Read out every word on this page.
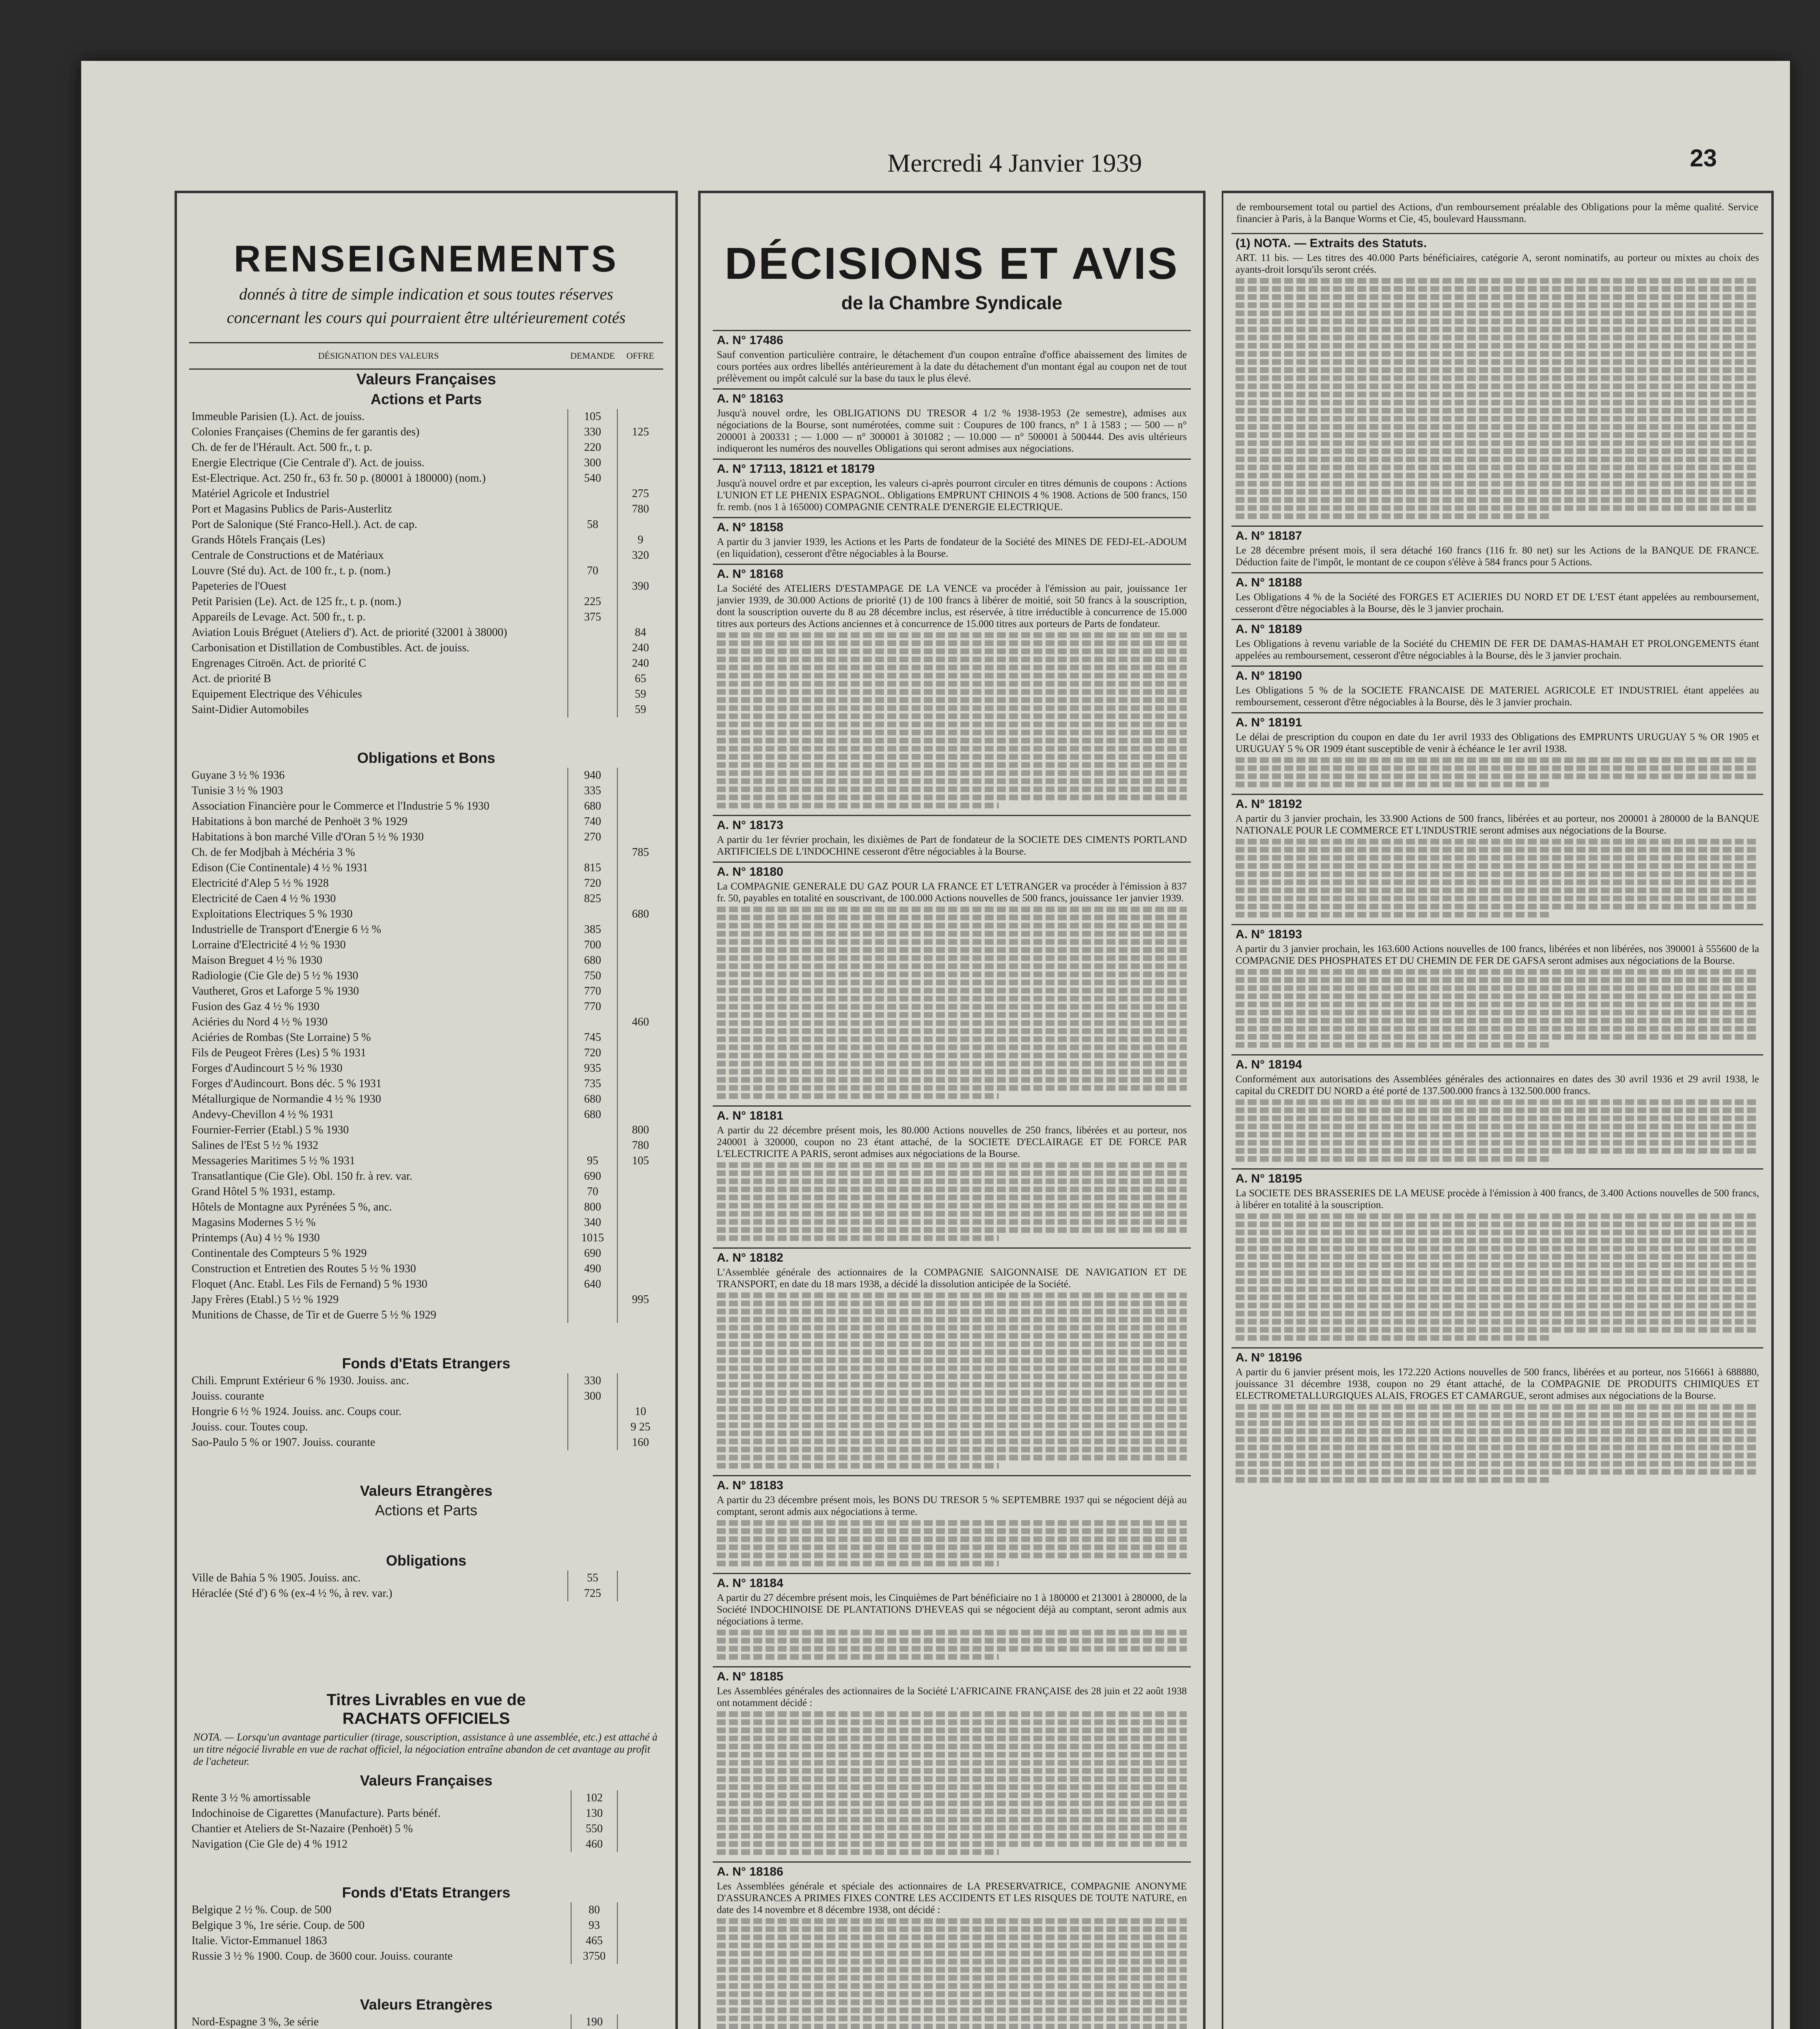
Mercredi 4 Janvier 1939	23
RENSEIGNEMENTS
donnés à titre de simple indication et sous toutes réserves
concernant les cours qui pourraient être ultérieurement cotés
DÉSIGNATION DES VALEURS	DEMANDE	OFFRE
Valeurs Françaises		
Actions et Parts		
Immeuble Parisien (L). Act. de jouiss.	105	
Colonies Françaises (Chemins de fer garantis des)	330	125
Ch. de fer de l'Hérault. Act. 500 fr., t. p.	220	
Energie Electrique (Cie Centrale d'). Act. de jouiss.	300	
Est-Electrique. Act. 250 fr., 63 fr. 50 p. (80001 à 180000) (nom.)	540	
Matériel Agricole et Industriel		275
Port et Magasins Publics de Paris-Austerlitz		780
Port de Salonique (Sté Franco-Hell.). Act. de cap.	58	
Grands Hôtels Français (Les)		9
Centrale de Constructions et de Matériaux		320
Louvre (Sté du). Act. de 100 fr., t. p. (nom.)	70	
Papeteries de l'Ouest		390
Petit Parisien (Le). Act. de 125 fr., t. p. (nom.)	225	
Appareils de Levage. Act. 500 fr., t. p.	375	
Aviation Louis Bréguet (Ateliers d'). Act. de priorité (32001 à 38000)		84
Carbonisation et Distillation de Combustibles. Act. de jouiss.		240
Engrenages Citroën. Act. de priorité C		240
Act. de priorité B		65
Equipement Electrique des Véhicules		59
Saint-Didier Automobiles		59

Obligations et Bons		
Guyane 3 ½ % 1936	940	
Tunisie 3 ½ % 1903	335	
Association Financière pour le Commerce et l'Industrie 5 % 1930	680	
Habitations à bon marché de Penhoët 3 % 1929	740	
Habitations à bon marché Ville d'Oran 5 ½ % 1930	270	
Ch. de fer Modjbah à Méchéria 3 %		785
Edison (Cie Continentale) 4 ½ % 1931	815	
Electricité d'Alep 5 ½ % 1928	720	
Electricité de Caen 4 ½ % 1930	825	
Exploitations Electriques 5 % 1930		680
Industrielle de Transport d'Energie 6 ½ %	385	
Lorraine d'Electricité 4 ½ % 1930	700	
Maison Breguet 4 ½ % 1930	680	
Radiologie (Cie Gle de) 5 ½ % 1930	750	
Vautheret, Gros et Laforge 5 % 1930	770	
Fusion des Gaz 4 ½ % 1930	770	
Aciéries du Nord 4 ½ % 1930		460
Aciéries de Rombas (Ste Lorraine) 5 %	745	
Fils de Peugeot Frères (Les) 5 % 1931	720	
Forges d'Audincourt 5 ½ % 1930	935	
Forges d'Audincourt. Bons déc. 5 % 1931	735	
Métallurgique de Normandie 4 ½ % 1930	680	
Andevy-Chevillon 4 ½ % 1931	680	
Fournier-Ferrier (Etabl.) 5 % 1930		800
Salines de l'Est 5 ½ % 1932		780
Messageries Maritimes 5 ½ % 1931	95	105
Transatlantique (Cie Gle). Obl. 150 fr. à rev. var.	690	
Grand Hôtel 5 % 1931, estamp.	70	
Hôtels de Montagne aux Pyrénées 5 %, anc.	800	
Magasins Modernes 5 ½ %	340	
Printemps (Au) 4 ½ % 1930	1015	
Continentale des Compteurs 5 % 1929	690	
Construction et Entretien des Routes 5 ½ % 1930	490	
Floquet (Anc. Etabl. Les Fils de Fernand) 5 % 1930	640	
Japy Frères (Etabl.) 5 ½ % 1929		995
Munitions de Chasse, de Tir et de Guerre 5 ½ % 1929		

Fonds d'Etats Etrangers		
Chili. Emprunt Extérieur 6 % 1930. Jouiss. anc.	330	
Jouiss. courante	300	
Hongrie 6 ½ % 1924. Jouiss. anc. Coups cour.		10
Jouiss. cour. Toutes coup.		9 25
Sao-Paulo 5 % or 1907. Jouiss. courante		160

Valeurs Etrangères		
Actions et Parts		

Obligations		
Ville de Bahia 5 % 1905. Jouiss. anc.	55	
Héraclée (Sté d') 6 % (ex-4 ½ %, à rev. var.)	725	
Titres Livrables en vue de
RACHATS OFFICIELS
NOTA. — Lorsqu'un avantage particulier (tirage, souscription, assistance à une assemblée, etc.) est attaché à un titre négocié livrable en vue de rachat officiel, la négociation entraîne abandon de cet avantage au profit de l'acheteur.
Valeurs Françaises		
Rente 3 ½ % amortissable	102	
Indochinoise de Cigarettes (Manufacture). Parts bénéf.	130	
Chantier et Ateliers de St-Nazaire (Penhoët) 5 %	550	
Navigation (Cie Gle de) 4 % 1912	460	

Fonds d'Etats Etrangers		
Belgique 2 ½ %. Coup. de 500	80	
Belgique 3 %, 1re série. Coup. de 500	93	
Italie. Victor-Emmanuel 1863	465	
Russie 3 ½ % 1900. Coup. de 3600 cour. Jouiss. courante	3750	

Valeurs Etrangères		
Nord-Espagne 3 %, 3e série	190	
DÉCISIONS ET AVIS
de la Chambre Syndicale
A. N° 17486
Sauf convention particulière contraire, le détachement d'un coupon entraîne d'office abaissement des limites de cours portées aux ordres libellés antérieurement à la date du détachement d'un montant égal au coupon net de tout prélèvement ou impôt calculé sur la base du taux le plus élevé.
A. N° 18163
Jusqu'à nouvel ordre, les OBLIGATIONS DU TRESOR 4 1/2 % 1938-1953 (2e semestre), admises aux négociations de la Bourse, sont numérotées, comme suit : Coupures de 100 francs, n° 1 à 1583 ; — 500 — n° 200001 à 200331 ; — 1.000 — n° 300001 à 301082 ; — 10.000 — n° 500001 à 500444. Des avis ultérieurs indiqueront les numéros des nouvelles Obligations qui seront admises aux négociations.
A. N° 17113, 18121 et 18179
Jusqu'à nouvel ordre et par exception, les valeurs ci-après pourront circuler en titres démunis de coupons : Actions L'UNION ET LE PHENIX ESPAGNOL. Obligations EMPRUNT CHINOIS 4 % 1908. Actions de 500 francs, 150 fr. remb. (nos 1 à 165000) COMPAGNIE CENTRALE D'ENERGIE ELECTRIQUE.
A. N° 18158
A partir du 3 janvier 1939, les Actions et les Parts de fondateur de la Société des MINES DE FEDJ-EL-ADOUM (en liquidation), cesseront d'être négociables à la Bourse.
A. N° 18168
La Société des ATELIERS D'ESTAMPAGE DE LA VENCE va procéder à l'émission au pair, jouissance 1er janvier 1939, de 30.000 Actions de priorité (1) de 100 francs à libérer de moitié, soit 50 francs à la souscription, dont la souscription ouverte du 8 au 28 décembre inclus, est réservée, à titre irréductible à concurrence de 15.000 titres aux porteurs des Actions anciennes et à concurrence de 15.000 titres aux porteurs de Parts de fondateur.
A. N° 18173
A partir du 1er février prochain, les dixièmes de Part de fondateur de la SOCIETE DES CIMENTS PORTLAND ARTIFICIELS DE L'INDOCHINE cesseront d'être négociables à la Bourse.
A. N° 18180
La COMPAGNIE GENERALE DU GAZ POUR LA FRANCE ET L'ETRANGER va procéder à l'émission à 837 fr. 50, payables en totalité en souscrivant, de 100.000 Actions nouvelles de 500 francs, jouissance 1er janvier 1939.
A. N° 18181
A partir du 22 décembre présent mois, les 80.000 Actions nouvelles de 250 francs, libérées et au porteur, nos 240001 à 320000, coupon no 23 étant attaché, de la SOCIETE D'ECLAIRAGE ET DE FORCE PAR L'ELECTRICITE A PARIS, seront admises aux négociations de la Bourse.
A. N° 18182
L'Assemblée générale des actionnaires de la COMPAGNIE SAIGONNAISE DE NAVIGATION ET DE TRANSPORT, en date du 18 mars 1938, a décidé la dissolution anticipée de la Société.
A. N° 18183
A partir du 23 décembre présent mois, les BONS DU TRESOR 5 % SEPTEMBRE 1937 qui se négocient déjà au comptant, seront admis aux négociations à terme.
A. N° 18184
A partir du 27 décembre présent mois, les Cinquièmes de Part bénéficiaire no 1 à 180000 et 213001 à 280000, de la Société INDOCHINOISE DE PLANTATIONS D'HEVEAS qui se négocient déjà au comptant, seront admis aux négociations à terme.
A. N° 18185
Les Assemblées générales des actionnaires de la Société L'AFRICAINE FRANÇAISE des 28 juin et 22 août 1938 ont notamment décidé :
A. N° 18186
Les Assemblées générale et spéciale des actionnaires de LA PRESERVATRICE, COMPAGNIE ANONYME D'ASSURANCES A PRIMES FIXES CONTRE LES ACCIDENTS ET LES RISQUES DE TOUTE NATURE, en date des 14 novembre et 8 décembre 1938, ont décidé :
de remboursement total ou partiel des Actions, d'un remboursement préalable des Obligations pour la même qualité. Service financier à Paris, à la Banque Worms et Cie, 45, boulevard Haussmann.
(1) NOTA. — Extraits des Statuts.
ART. 11 bis. — Les titres des 40.000 Parts bénéficiaires, catégorie A, seront nominatifs, au porteur ou mixtes au choix des ayants-droit lorsqu'ils seront créés.
A. N° 18187
Le 28 décembre présent mois, il sera détaché 160 francs (116 fr. 80 net) sur les Actions de la BANQUE DE FRANCE. Déduction faite de l'impôt, le montant de ce coupon s'élève à 584 francs pour 5 Actions.
A. N° 18188
Les Obligations 4 % de la Société des FORGES ET ACIERIES DU NORD ET DE L'EST étant appelées au remboursement, cesseront d'être négociables à la Bourse, dès le 3 janvier prochain.
A. N° 18189
Les Obligations à revenu variable de la Société du CHEMIN DE FER DE DAMAS-HAMAH ET PROLONGEMENTS étant appelées au remboursement, cesseront d'être négociables à la Bourse, dès le 3 janvier prochain.
A. N° 18190
Les Obligations 5 % de la SOCIETE FRANCAISE DE MATERIEL AGRICOLE ET INDUSTRIEL étant appelées au remboursement, cesseront d'être négociables à la Bourse, dès le 3 janvier prochain.
A. N° 18191
Le délai de prescription du coupon en date du 1er avril 1933 des Obligations des EMPRUNTS URUGUAY 5 % OR 1905 et URUGUAY 5 % OR 1909 étant susceptible de venir à échéance le 1er avril 1938.
A. N° 18192
A partir du 3 janvier prochain, les 33.900 Actions de 500 francs, libérées et au porteur, nos 200001 à 280000 de la BANQUE NATIONALE POUR LE COMMERCE ET L'INDUSTRIE seront admises aux négociations de la Bourse.
A. N° 18193
A partir du 3 janvier prochain, les 163.600 Actions nouvelles de 100 francs, libérées et non libérées, nos 390001 à 555600 de la COMPAGNIE DES PHOSPHATES ET DU CHEMIN DE FER DE GAFSA seront admises aux négociations de la Bourse.
A. N° 18194
Conformément aux autorisations des Assemblées générales des actionnaires en dates des 30 avril 1936 et 29 avril 1938, le capital du CREDIT DU NORD a été porté de 137.500.000 francs à 132.500.000 francs.
A. N° 18195
La SOCIETE DES BRASSERIES DE LA MEUSE procède à l'émission à 400 francs, de 3.400 Actions nouvelles de 500 francs, à libérer en totalité à la souscription.
A. N° 18196
A partir du 6 janvier présent mois, les 172.220 Actions nouvelles de 500 francs, libérées et au porteur, nos 516661 à 688880, jouissance 31 décembre 1938, coupon no 29 étant attaché, de la COMPAGNIE DE PRODUITS CHIMIQUES ET ELECTROMETALLURGIQUES ALAIS, FROGES ET CAMARGUE, seront admises aux négociations de la Bourse.
